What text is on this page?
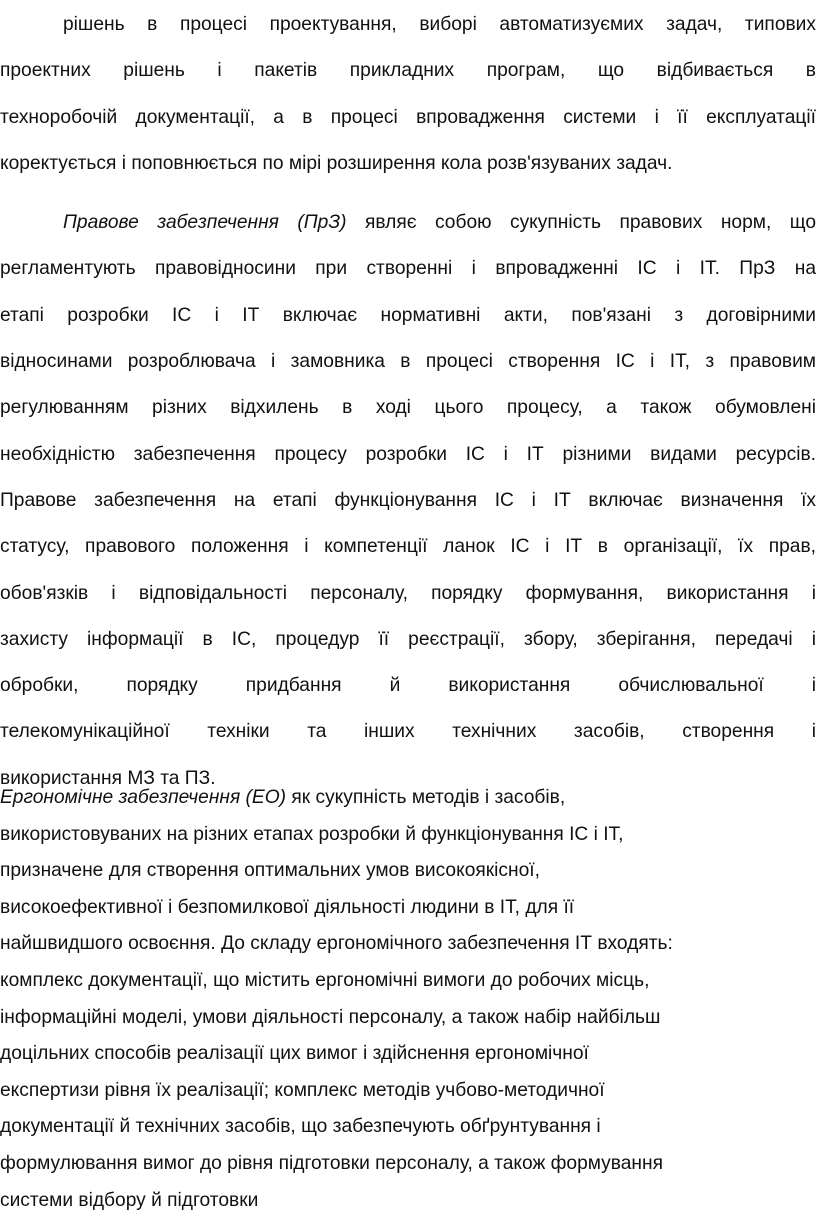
рішень в процесі проектування, виборі автоматизуємих задач, типових
проектних рішень і пакетів прикладних програм, що відбивається в
техноробочій документації, а в процесі впровадження системи і її експлуатації
коректується і поповнюється по мірі розширення кола розв'язуваних задач.
Правове забезпечення (ПрЗ) являє собою сукупність правових норм, що
регламентують правовідносини при створенні і впровадженні ІС і ІТ. ПрЗ на
етапі розробки ІС і ІТ включає нормативні акти, пов'язані з договірними
відносинами розроблювача і замовника в процесі створення ІС і ІТ, з правовим
регулюванням різних відхилень в ході цього процесу, а також обумовлені
необхідністю забезпечення процесу розробки ІС і ІТ різними видами ресурсів.
Правове забезпечення на етапі функціонування ІС і ІТ включає визначення їх
статусу, правового положення і компетенції ланок ІС і ІТ в організації, їх прав,
обов'язків і відповідальності персоналу, порядку формування, використання і
захисту інформації в ІС, процедур її реєстрації, збору, зберігання, передачі і
обробки, порядку придбання й використання обчислювальної і
телекомунікаційної техніки та інших технічних засобів, створення і
використання МЗ та ПЗ.
Ергономічне забезпечення (ЕО) як сукупність методів і засобів,
використовуваних на різних етапах розробки й функціонування ІС і ІТ,
призначене для створення оптимальних умов високоякісної,
високоефективної і безпомилкової діяльності людини в ІТ, для її
найшвидшого освоєння. До складу ергономічного забезпечення ІТ входять:
комплекс документації, що містить ергономічні вимоги до робочих місць,
інформаційні моделі, умови діяльності персоналу, а також набір найбільш
доцільних способів реалізації цих вимог і здійснення ергономічної
експертизи рівня їх реалізації; комплекс методів учбово-методичної
документації й технічних засобів, що забезпечують обґрунтування і
формулювання вимог до рівня підготовки персоналу, а також формування
системи відбору й підготовки
